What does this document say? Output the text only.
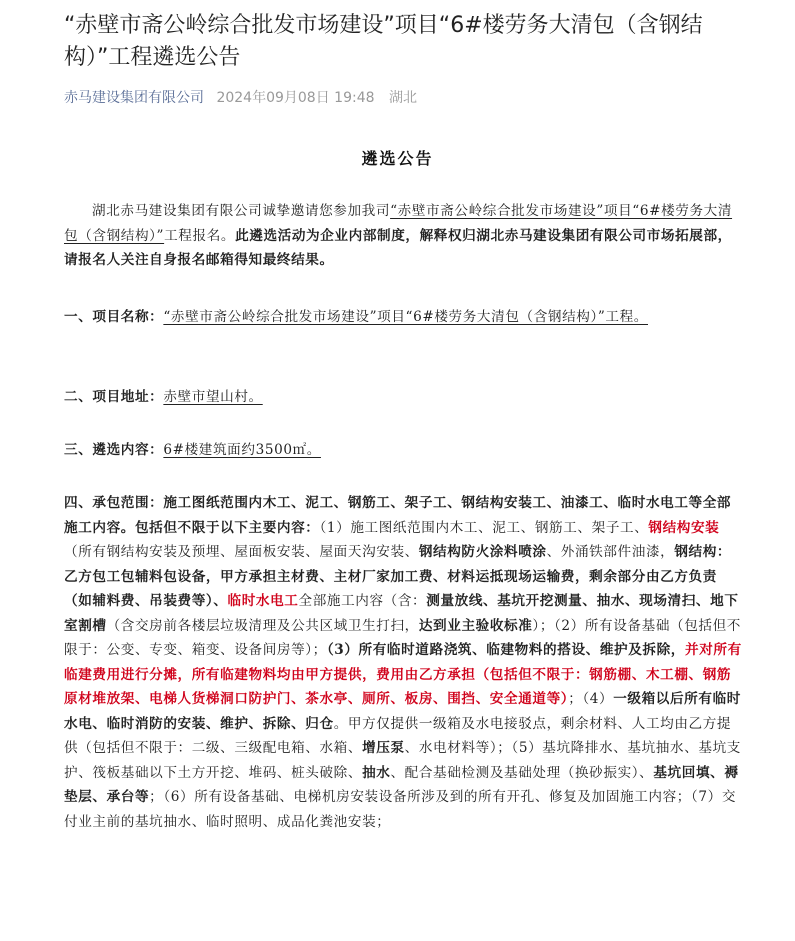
“赤壁市斋公岭综合批发市场建设”项目“6#楼劳务大清包（含钢结构）”工程遴选公告
赤马建设集团有限公司 2024年09月08日 19:48 湖北
遴选公告
湖北赤马建设集团有限公司诚挚邀请您参加我司“赤壁市斋公岭综合批发市场建设”项目“6#楼劳务大清包（含钢结构）”工程报名。此遴选活动为企业内部制度，解释权归湖北赤马建设集团有限公司市场拓展部，请报名人关注自身报名邮箱得知最终结果。
一、项目名称：“赤壁市斋公岭综合批发市场建设”项目“6#楼劳务大清包（含钢结构）”工程。
二、项目地址：赤壁市望山村。
三、遴选内容：6#楼建筑面约3500㎡。
四、承包范围：施工图纸范围内木工、泥工、钢筋工、架子工、钢结构安装工、油漆工、临时水电工等全部施工内容。包括但不限于以下主要内容：（1）施工图纸范围内木工、泥工、钢筋工、架子工、钢结构安装（所有钢结构安装及预埋、屋面板安装、屋面天沟安装、钢结构防火涂料喷涂、外涌铁部件油漆，钢结构：乙方包工包辅料包设备，甲方承担主材费、主材厂家加工费、材料运抵现场运输费，剩余部分由乙方负责（如辅料费、吊装费等）、临时水电工全部施工内容（含：测量放线、基坑开挖测量、抽水、现场清扫、地下室割槽（含交房前各楼层垃圾清理及公共区域卫生打扫，达到业主验收标准）；（2）所有设备基础（包括但不限于：公变、专变、箱变、设备间房等）；（3）所有临时道路浇筑、临建物料的搭设、维护及拆除，并对所有临建费用进行分摊，所有临建物料均由甲方提供，费用由乙方承担（包括但不限于：钢筋棚、木工棚、钢筋原材堆放架、电梯人货梯洞口防护门、茶水亭、厕所、板房、围挡、安全通道等）；（4）一级箱以后所有临时水电、临时消防的安装、维护、拆除、归仓。甲方仅提供一级箱及水电接驳点，剩余材料、人工均由乙方提供（包括但不限于：二级、三级配电箱、水箱、增压泵、水电材料等）；（5）基坑降排水、基坑抽水、基坑支护、筏板基础以下土方开挖、堆码、桩头破除、抽水、配合基础检测及基础处理（换砂振实）、基坑回填、褥垫层、承台等；（6）所有设备基础、电梯机房安装设备所涉及到的所有开孔、修复及加固施工内容；（7）交付业主前的基坑抽水、临时照明、成品化粪池安装；
